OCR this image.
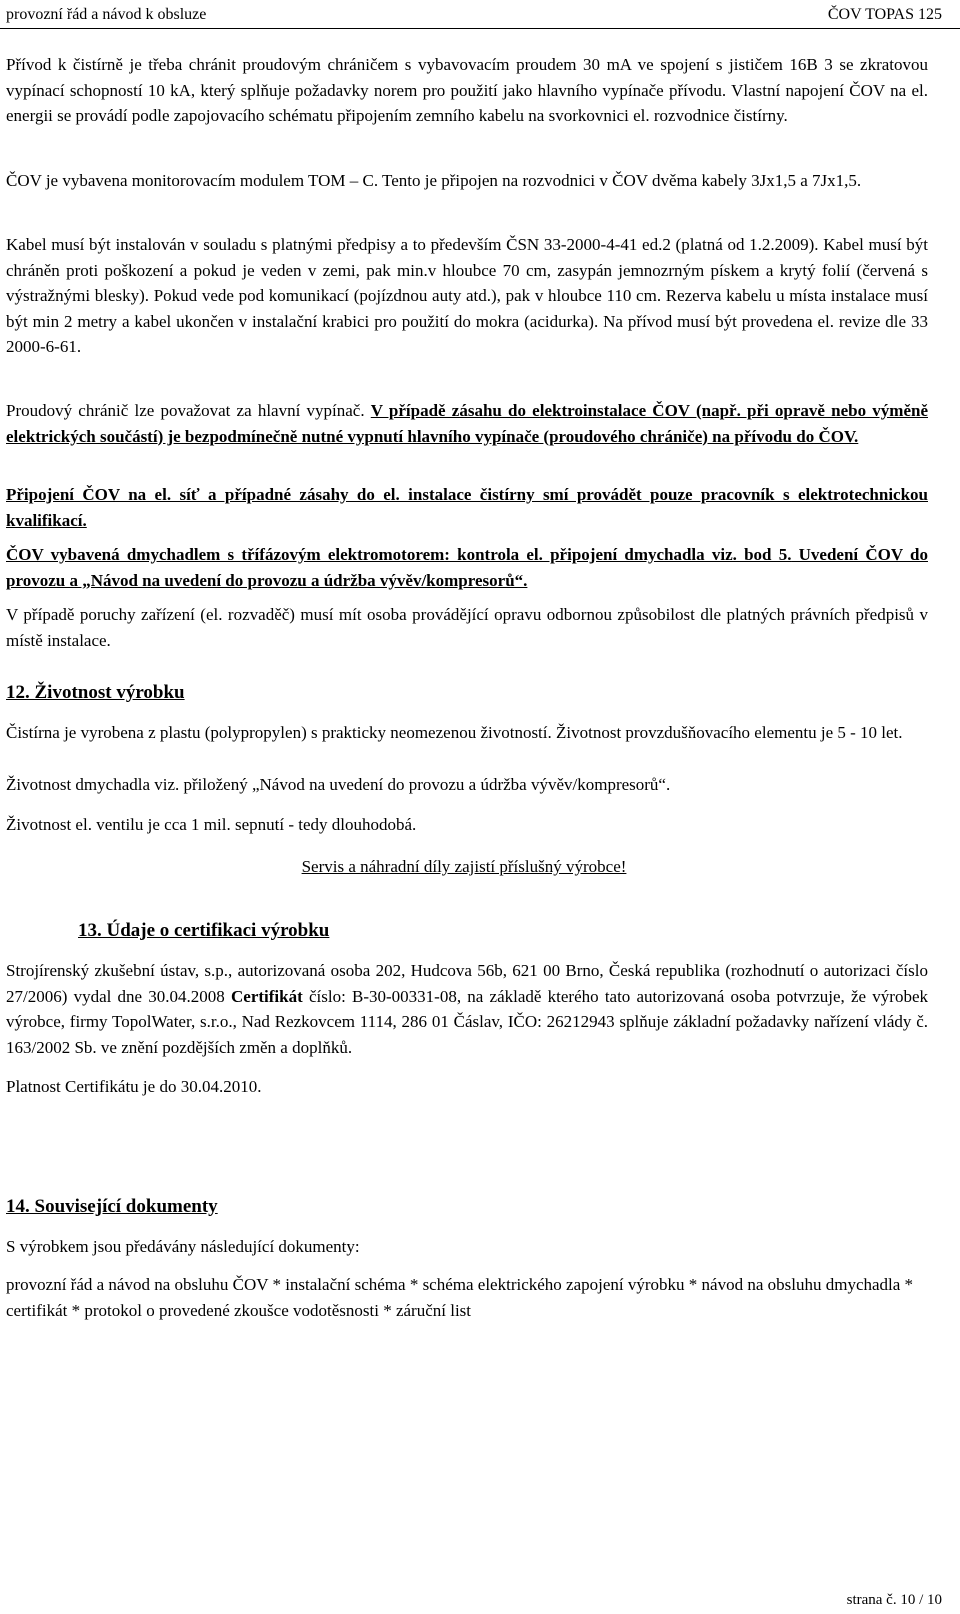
provozní řád a návod k obsluze	ČOV TOPAS 125

Přívod k čistírně je třeba chránit proudovým chráničem s vybavovacím proudem 30 mA ve spojení s jističem 16B 3 se zkratovou vypínací schopností 10 kA, který splňuje požadavky norem pro použití jako hlavního vypínače přívodu. Vlastní napojení ČOV na el. energii se provádí podle zapojovacího schématu připojením zemního kabelu na svorkovnici el. rozvodnice čistírny.

ČOV je vybavena monitorovacím modulem TOM – C. Tento je připojen na rozvodnici v ČOV dvěma kabely 3Jx1,5 a 7Jx1,5.

Kabel musí být instalován v souladu s platnými předpisy a to především ČSN 33-2000-4-41 ed.2 (platná od 1.2.2009). Kabel musí být chráněn proti poškození a pokud je veden v zemi, pak min.v hloubce 70 cm, zasypán jemnozrným pískem a krytý folií (červená s výstražnými blesky). Pokud vede pod komunikací (pojízdnou auty atd.), pak v hloubce 110 cm. Rezerva kabelu u místa instalace musí být min 2 metry a kabel ukončen v instalační krabici pro použití do mokra (acidurka). Na přívod musí být provedena el. revize dle 33 2000-6-61.

Proudový chránič lze považovat za hlavní vypínač. V případě zásahu do elektroinstalace ČOV (např. při opravě nebo výměně elektrických součástí) je bezpodmínečně nutné vypnutí hlavního vypínače (proudového chrániče) na přívodu do ČOV.

Připojení ČOV na el. síť a případné zásahy do el. instalace čistírny smí provádět pouze pracovník s elektrotechnickou kvalifikací.

ČOV vybavená dmychadlem s třífázovým elektromotorem: kontrola el. připojení dmychadla viz. bod 5. Uvedení ČOV do provozu a „Návod na uvedení do provozu a údržba vývěv/kompresorů“.

V případě poruchy zařízení (el. rozvaděč) musí mít osoba provádějící opravu odbornou způsobilost dle platných právních předpisů v místě instalace.

12. Životnost výrobku

Čistírna je vyrobena z plastu (polypropylen) s prakticky neomezenou životností. Životnost provzdušňovacího elementu je 5 - 10 let.

Životnost dmychadla viz. přiložený „Návod na uvedení do provozu a údržba vývěv/kompresorů“.

Životnost el. ventilu je cca 1 mil. sepnutí - tedy dlouhodobá.

Servis a náhradní díly zajistí příslušný výrobce!

13. Údaje o certifikaci výrobku

Strojírenský zkušební ústav, s.p., autorizovaná osoba 202, Hudcova 56b, 621 00 Brno, Česká republika (rozhodnutí o autorizaci číslo 27/2006) vydal dne 30.04.2008 Certifikát číslo: B-30-00331-08, na základě kterého tato autorizovaná osoba potvrzuje, že výrobek výrobce, firmy TopolWater, s.r.o., Nad Rezkovcem 1114, 286 01 Čáslav, IČO: 26212943 splňuje základní požadavky nařízení vlády č. 163/2002 Sb. ve znění pozdějších změn a doplňků.

Platnost Certifikátu je do 30.04.2010.

14. Související dokumenty

S výrobkem jsou předávány následující dokumenty:

provozní řád a návod na obsluhu ČOV * instalační schéma * schéma elektrického zapojení výrobku * návod na obsluhu dmychadla * certifikát * protokol o provedené zkoušce vodotěsnosti * záruční list

strana č. 10 / 10
